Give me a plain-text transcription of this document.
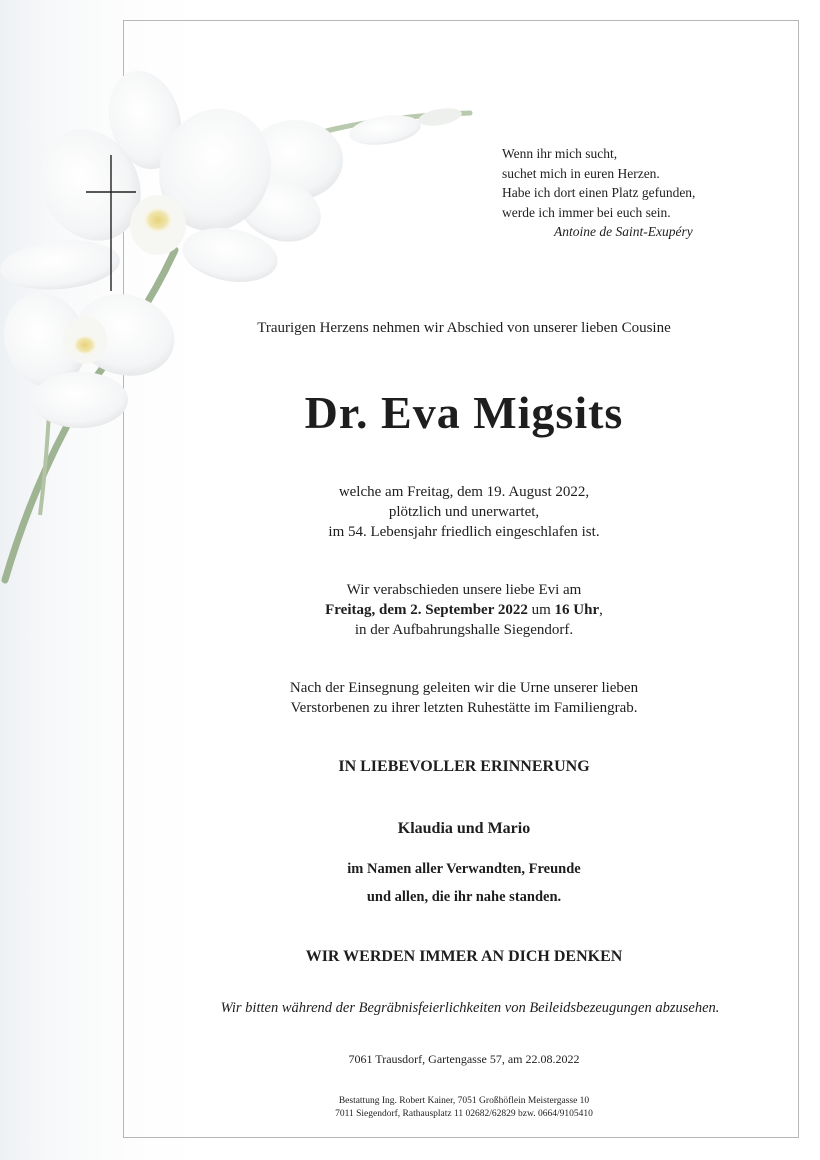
Wenn ihr mich sucht,
suchet mich in euren Herzen.
Habe ich dort einen Platz gefunden,
werde ich immer bei euch sein.
Antoine de Saint-Exupéry
Traurigen Herzens nehmen wir Abschied von unserer lieben Cousine
Dr. Eva Migsits
welche am Freitag, dem 19. August 2022,
plötzlich und unerwartet,
im 54. Lebensjahr friedlich eingeschlafen ist.
Wir verabschieden unsere liebe Evi am
Freitag, dem 2. September 2022 um 16 Uhr,
in der Aufbahrungshalle Siegendorf.
Nach der Einsegnung geleiten wir die Urne unserer lieben
Verstorbenen zu ihrer letzten Ruhestätte im Familiengrab.
IN LIEBEVOLLER ERINNERUNG
Klaudia und Mario
im Namen aller Verwandten, Freunde
und allen, die ihr nahe standen.
WIR WERDEN IMMER AN DICH DENKEN
Wir bitten während der Begräbnisfeierlichkeiten von Beileidsbezeugungen abzusehen.
7061 Trausdorf, Gartengasse 57, am 22.08.2022
Bestattung Ing. Robert Kainer, 7051 Großhöflein Meistergasse 10
7011 Siegendorf, Rathausplatz 11 02682/62829 bzw. 0664/9105410
